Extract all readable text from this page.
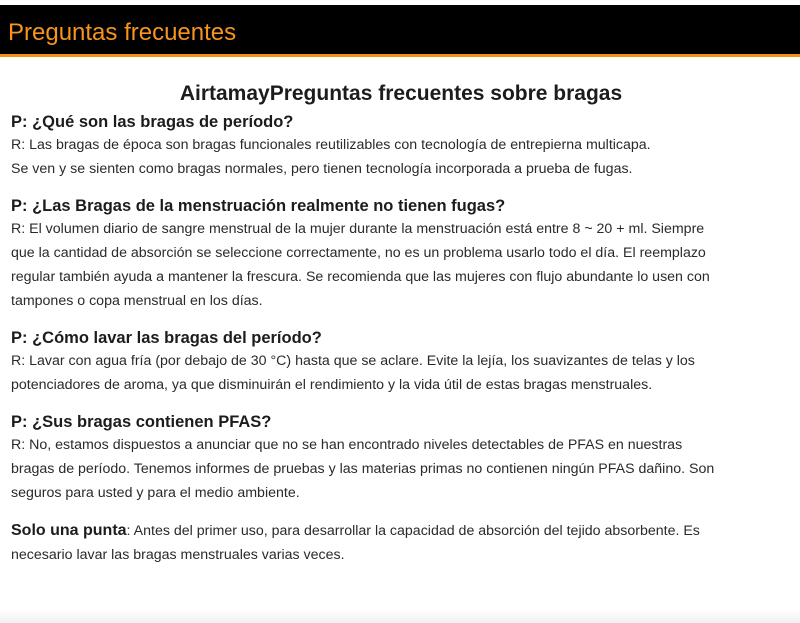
Preguntas frecuentes
AirtamayPreguntas frecuentes sobre bragas

P: ¿Qué son las bragas de período?

R: Las bragas de época son bragas funcionales reutilizables con tecnología de entrepierna multicapa.
Se ven y se sienten como bragas normales, pero tienen tecnología incorporada a prueba de fugas.

P: ¿Las Bragas de la menstruación realmente no tienen fugas?

R: El volumen diario de sangre menstrual de la mujer durante la menstruación está entre 8 ~ 20 + ml. Siempre
que la cantidad de absorción se seleccione correctamente, no es un problema usarlo todo el día. El reemplazo
regular también ayuda a mantener la frescura. Se recomienda que las mujeres con flujo abundante lo usen con
tampones o copa menstrual en los días.

P: ¿Cómo lavar las bragas del período?

R: Lavar con agua fría (por debajo de 30 °C) hasta que se aclare. Evite la lejía, los suavizantes de telas y los
potenciadores de aroma, ya que disminuirán el rendimiento y la vida útil de estas bragas menstruales.

P: ¿Sus bragas contienen PFAS?

R: No, estamos dispuestos a anunciar que no se han encontrado niveles detectables de PFAS en nuestras
bragas de período. Tenemos informes de pruebas y las materias primas no contienen ningún PFAS dañino. Son
seguros para usted y para el medio ambiente.

Solo una punta: Antes del primer uso, para desarrollar la capacidad de absorción del tejido absorbente. Es
necesario lavar las bragas menstruales varias veces.
